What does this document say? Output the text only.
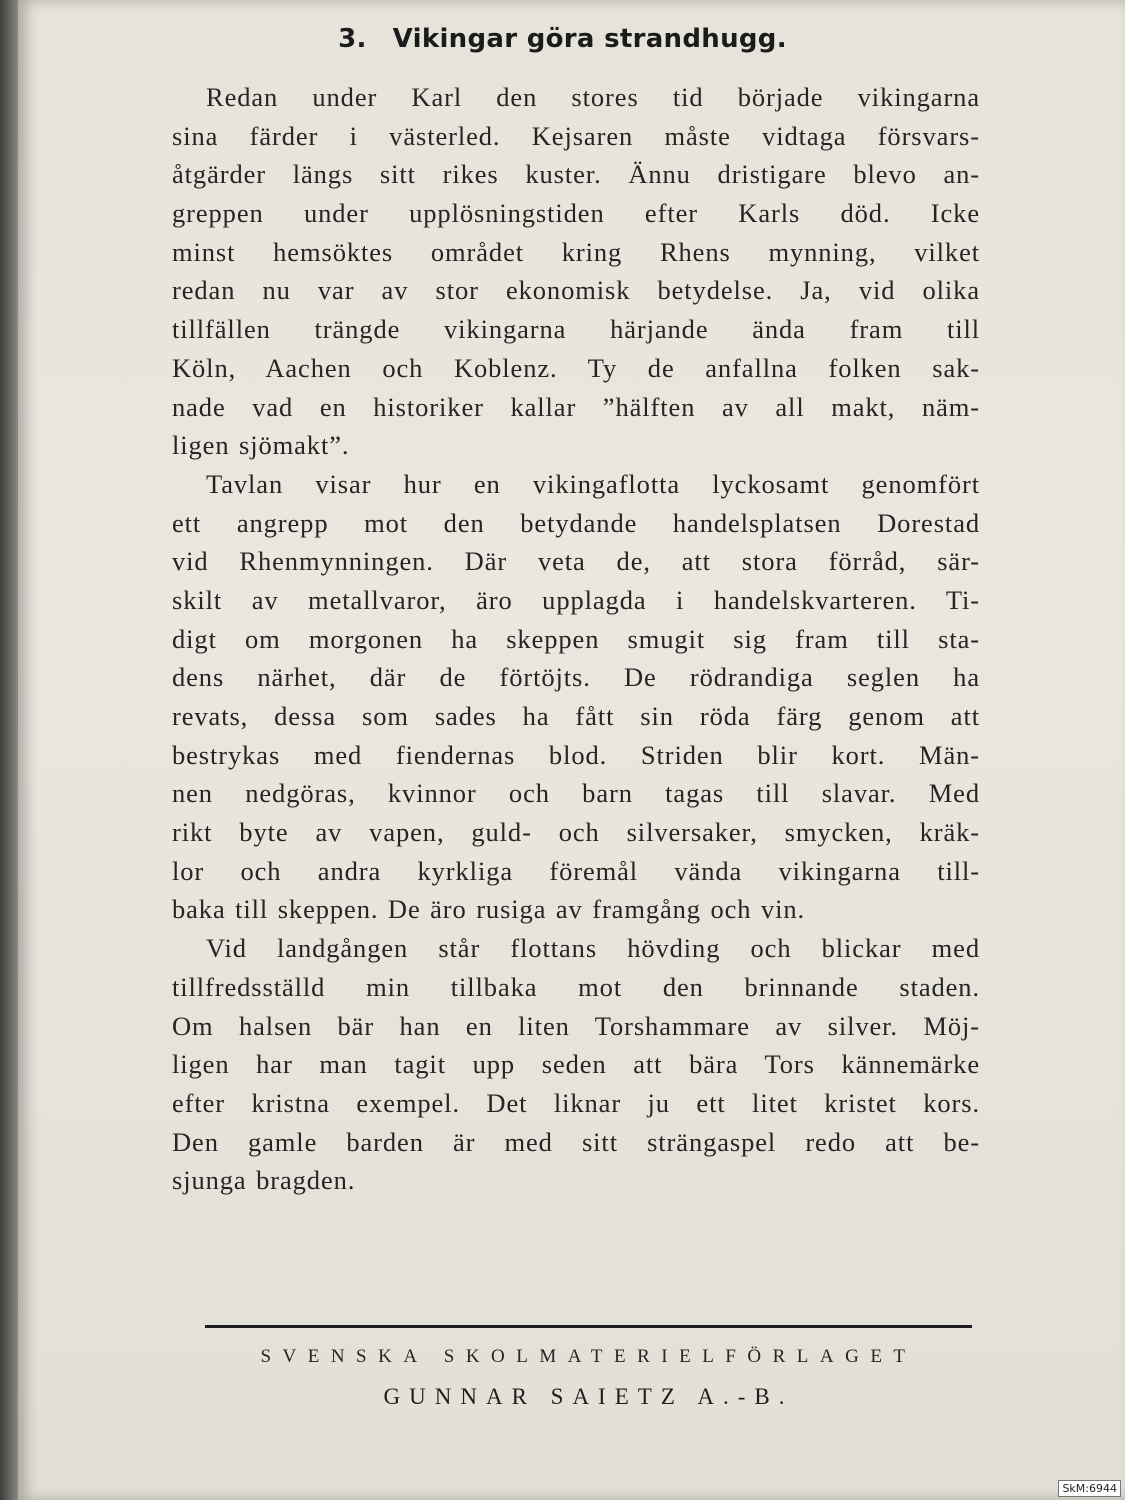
3. Vikingar göra strandhugg.
Redan under Karl den stores tid började vikingarna
sina färder i västerled. Kejsaren måste vidtaga försvars-
åtgärder längs sitt rikes kuster. Ännu dristigare blevo an-
greppen under upplösningstiden efter Karls död. Icke
minst hemsöktes området kring Rhens mynning, vilket
redan nu var av stor ekonomisk betydelse. Ja, vid olika
tillfällen trängde vikingarna härjande ända fram till
Köln, Aachen och Koblenz. Ty de anfallna folken sak-
nade vad en historiker kallar ”hälften av all makt, näm-
ligen sjömakt”.
Tavlan visar hur en vikingaflotta lyckosamt genomfört
ett angrepp mot den betydande handelsplatsen Dorestad
vid Rhenmynningen. Där veta de, att stora förråd, sär-
skilt av metallvaror, äro upplagda i handelskvarteren. Ti-
digt om morgonen ha skeppen smugit sig fram till sta-
dens närhet, där de förtöjts. De rödrandiga seglen ha
revats, dessa som sades ha fått sin röda färg genom att
bestrykas med fiendernas blod. Striden blir kort. Män-
nen nedgöras, kvinnor och barn tagas till slavar. Med
rikt byte av vapen, guld- och silversaker, smycken, kräk-
lor och andra kyrkliga föremål vända vikingarna till-
baka till skeppen. De äro rusiga av framgång och vin.
Vid landgången står flottans hövding och blickar med
tillfredsställd min tillbaka mot den brinnande staden.
Om halsen bär han en liten Torshammare av silver. Möj-
ligen har man tagit upp seden att bära Tors kännemärke
efter kristna exempel. Det liknar ju ett litet kristet kors.
Den gamle barden är med sitt strängaspel redo att be-
sjunga bragden.
SVENSKA SKOLMATERIELFÖRLAGET
GUNNAR SAIETZ A.-B.
SkM:6944
